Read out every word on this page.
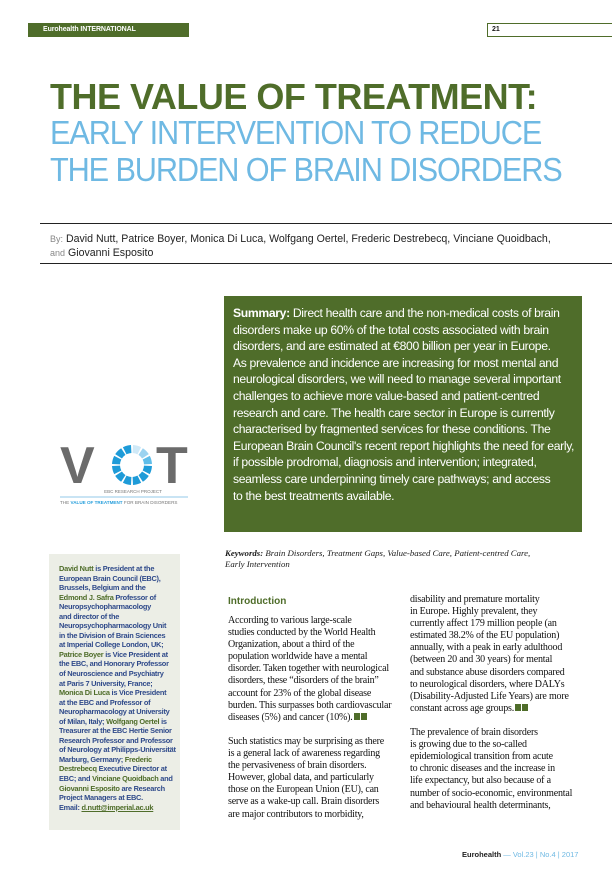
Eurohealth INTERNATIONAL	21
THE VALUE OF TREATMENT:
EARLY INTERVENTION TO REDUCE
THE BURDEN OF BRAIN DISORDERS
By: David Nutt, Patrice Boyer, Monica Di Luca, Wolfgang Oertel, Frederic Destrebecq, Vinciane Quoidbach,
and Giovanni Esposito
Summary: Direct health care and the non-medical costs of brain
disorders make up 60% of the total costs associated with brain
disorders, and are estimated at €800 billion per year in Europe.
As prevalence and incidence are increasing for most mental and
neurological disorders, we will need to manage several important
challenges to achieve more value-based and patient-centred
research and care. The health care sector in Europe is currently
characterised by fragmented services for these conditions. The
European Brain Council's recent report highlights the need for early,
if possible prodromal, diagnosis and intervention; integrated,
seamless care underpinning timely care pathways; and access
to the best treatments available.
V T
EBC RESEARCH PROJECT
THE VALUE OF TREATMENT FOR BRAIN DISORDERS
David Nutt is President at the
European Brain Council (EBC),
Brussels, Belgium and the
Edmond J. Safra Professor of
Neuropsychopharmacology
and director of the
Neuropsychopharmacology Unit
in the Division of Brain Sciences
at Imperial College London, UK;
Patrice Boyer is Vice President at
the EBC, and Honorary Professor
of Neuroscience and Psychiatry
at Paris 7 University, France;
Monica Di Luca is Vice President
at the EBC and Professor of
Neuropharmacology at University
of Milan, Italy; Wolfgang Oertel is
Treasurer at the EBC Hertie Senior
Research Professor and Professor
of Neurology at Philipps-Universität
Marburg, Germany; Frederic
Destrebecq Executive Director at
EBC; and Vinciane Quoidbach and
Giovanni Esposito are Research
Project Managers at EBC.
Email: d.nutt@imperial.ac.uk
Keywords: Brain Disorders, Treatment Gaps, Value-based Care, Patient-centred Care,
Early Intervention
Introduction
According to various large-scale
studies conducted by the World Health
Organization, about a third of the
population worldwide have a mental
disorder. Taken together with neurological
disorders, these “disorders of the brain”
account for 23% of the global disease
burden. This surpasses both cardiovascular
diseases (5%) and cancer (10%).
Such statistics may be surprising as there
is a general lack of awareness regarding
the pervasiveness of brain disorders.
However, global data, and particularly
those on the European Union (EU), can
serve as a wake-up call. Brain disorders
are major contributors to morbidity,
disability and premature mortality
in Europe. Highly prevalent, they
currently affect 179 million people (an
estimated 38.2% of the EU population)
annually, with a peak in early adulthood
(between 20 and 30 years) for mental
and substance abuse disorders compared
to neurological disorders, where DALYs
(Disability-Adjusted Life Years) are more
constant across age groups.
The prevalence of brain disorders
is growing due to the so-called
epidemiological transition from acute
to chronic diseases and the increase in
life expectancy, but also because of a
number of socio-economic, environmental
and behavioural health determinants,
Eurohealth — Vol.23 | No.4 | 2017
